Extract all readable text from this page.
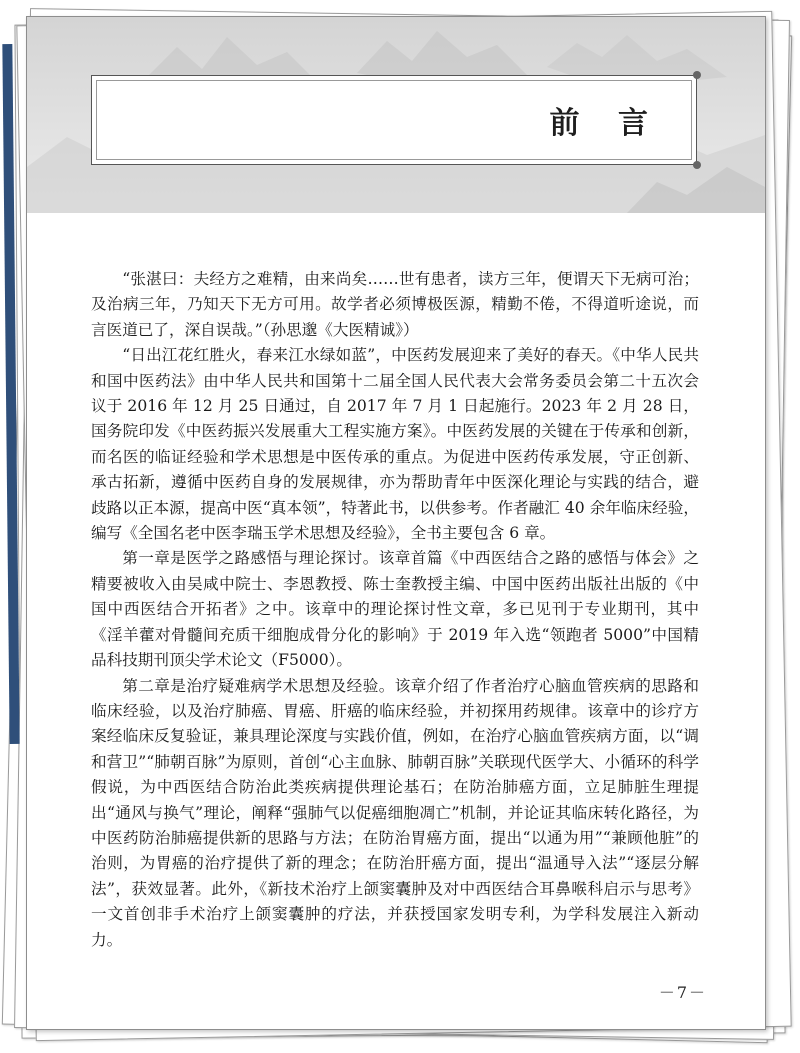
前 言

“张湛曰：夫经方之难精，由来尚矣……世有患者，读方三年，便谓天下无病可治；及治病三年，乃知天下无方可用。故学者必须博极医源，精勤不倦，不得道听途说，而言医道已了，深自误哉。”（孙思邈《大医精诚》）

“日出江花红胜火，春来江水绿如蓝”，中医药发展迎来了美好的春天。《中华人民共和国中医药法》由中华人民共和国第十二届全国人民代表大会常务委员会第二十五次会议于 2016 年 12 月 25 日通过，自 2017 年 7 月 1 日起施行。2023 年 2 月 28 日，国务院印发《中医药振兴发展重大工程实施方案》。中医药发展的关键在于传承和创新，而名医的临证经验和学术思想是中医传承的重点。为促进中医药传承发展，守正创新、承古拓新，遵循中医药自身的发展规律，亦为帮助青年中医深化理论与实践的结合，避歧路以正本源，提高中医“真本领”，特著此书，以供参考。作者融汇 40 余年临床经验，编写《全国名老中医李瑞玉学术思想及经验》，全书主要包含 6 章。

第一章是医学之路感悟与理论探讨。该章首篇《中西医结合之路的感悟与体会》之精要被收入由吴咸中院士、李恩教授、陈士奎教授主编、中国中医药出版社出版的《中国中西医结合开拓者》之中。该章中的理论探讨性文章，多已见刊于专业期刊，其中《淫羊藿对骨髓间充质干细胞成骨分化的影响》于 2019 年入选“领跑者 5000”中国精品科技期刊顶尖学术论文（F5000）。

第二章是治疗疑难病学术思想及经验。该章介绍了作者治疗心脑血管疾病的思路和临床经验，以及治疗肺癌、胃癌、肝癌的临床经验，并初探用药规律。该章中的诊疗方案经临床反复验证，兼具理论深度与实践价值，例如，在治疗心脑血管疾病方面，以“调和营卫”“肺朝百脉”为原则，首创“心主血脉、肺朝百脉”关联现代医学大、小循环的科学假说，为中西医结合防治此类疾病提供理论基石；在防治肺癌方面，立足肺脏生理提出“通风与换气”理论，阐释“强肺气以促癌细胞凋亡”机制，并论证其临床转化路径，为中医药防治肺癌提供新的思路与方法；在防治胃癌方面，提出“以通为用”“兼顾他脏”的治则，为胃癌的治疗提供了新的理念；在防治肝癌方面，提出“温通导入法”“逐层分解法”，获效显著。此外，《新技术治疗上颌窦囊肿及对中西医结合耳鼻喉科启示与思考》一文首创非手术治疗上颌窦囊肿的疗法，并获授国家发明专利，为学科发展注入新动力。

－7－
